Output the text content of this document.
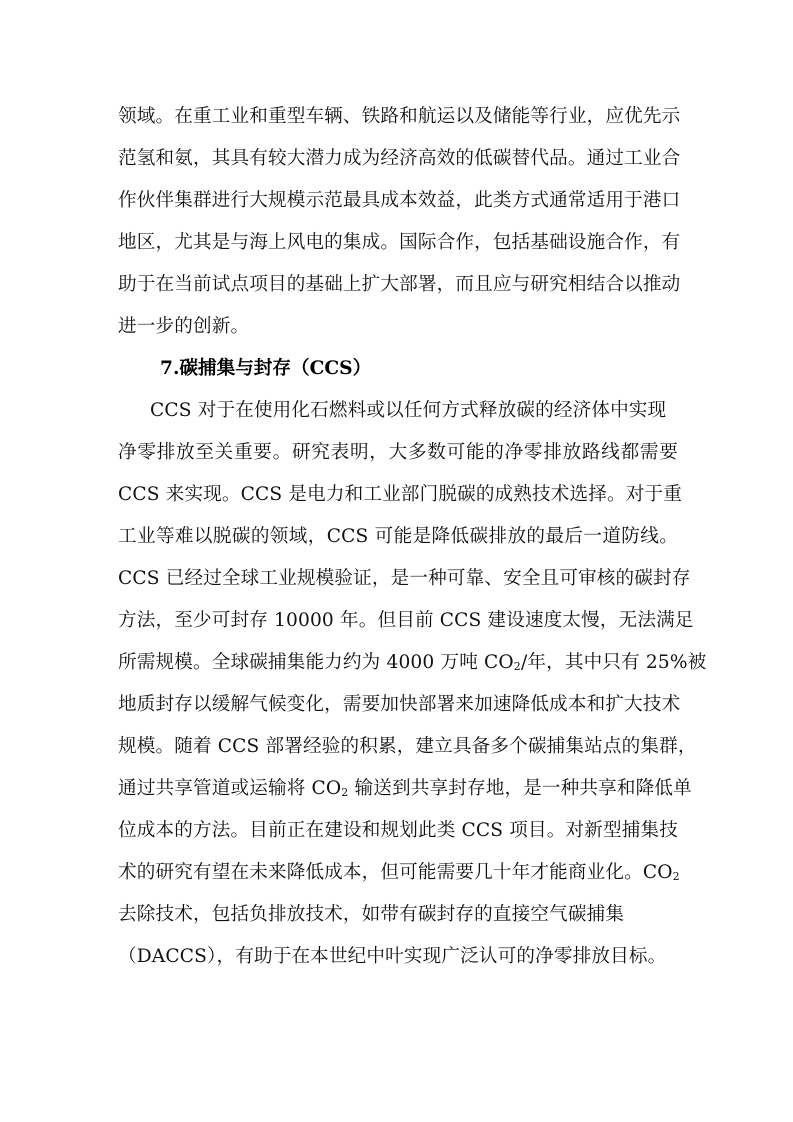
领域。在重工业和重型车辆、铁路和航运以及储能等行业，应优先示
范氢和氨，其具有较大潜力成为经济高效的低碳替代品。通过工业合
作伙伴集群进行大规模示范最具成本效益，此类方式通常适用于港口
地区，尤其是与海上风电的集成。国际合作，包括基础设施合作，有
助于在当前试点项目的基础上扩大部署，而且应与研究相结合以推动
进一步的创新。
7.碳捕集与封存（CCS）
CCS 对于在使用化石燃料或以任何方式释放碳的经济体中实现
净零排放至关重要。研究表明，大多数可能的净零排放路线都需要
CCS 来实现。CCS 是电力和工业部门脱碳的成熟技术选择。对于重
工业等难以脱碳的领域，CCS 可能是降低碳排放的最后一道防线。
CCS 已经过全球工业规模验证，是一种可靠、安全且可审核的碳封存
方法，至少可封存 10000 年。但目前 CCS 建设速度太慢，无法满足
所需规模。全球碳捕集能力约为 4000 万吨 $CO_2/$年，其中只有 25%被
地质封存以缓解气候变化，需要加快部署来加速降低成本和扩大技术
规模。随着 CCS 部署经验的积累，建立具备多个碳捕集站点的集群，
通过共享管道或运输将 $CO_2$ 输送到共享封存地，是一种共享和降低单
位成本的方法。目前正在建设和规划此类 CCS 项目。对新型捕集技
术的研究有望在未来降低成本，但可能需要几十年才能商业化。$CO_2$
去除技术，包括负排放技术，如带有碳封存的直接空气碳捕集
（DACCS），有助于在本世纪中叶实现广泛认可的净零排放目标。
